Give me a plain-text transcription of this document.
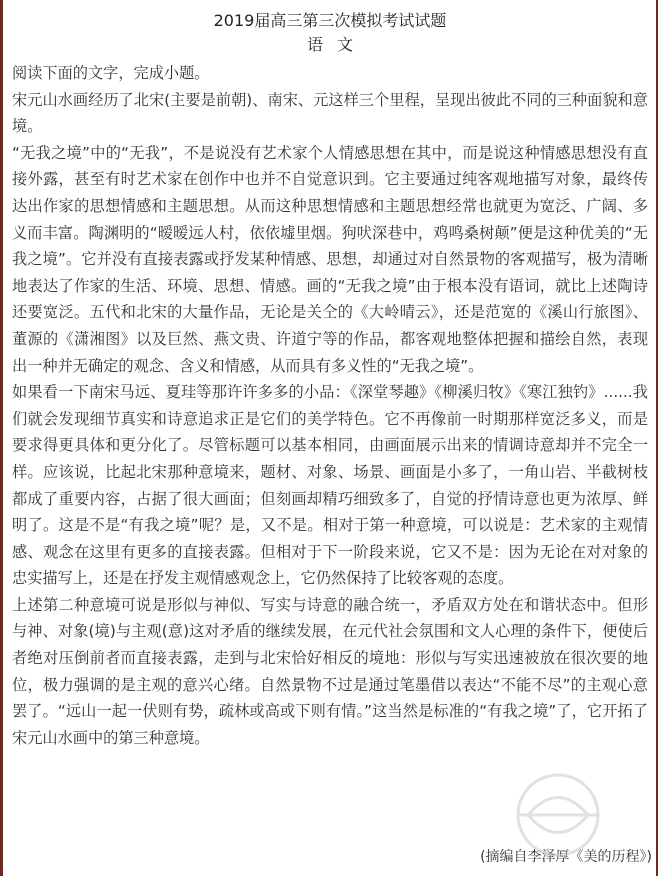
2019届高三第三次模拟考试试题
语文

阅读下面的文字，完成小题。

宋元山水画经历了北宋(主要是前朝)、南宋、元这样三个里程，呈现出彼此不同的三种面貌和意境。

“无我之境”中的“无我”，不是说没有艺术家个人情感思想在其中，而是说这种情感思想没有直接外露，甚至有时艺术家在创作中也并不自觉意识到。它主要通过纯客观地描写对象，最终传达出作家的思想情感和主题思想。从而这种思想情感和主题思想经常也就更为宽泛、广阔、多义而丰富。陶渊明的“暧暧远人村，依依墟里烟。狗吠深巷中，鸡鸣桑树颠”便是这种优美的“无我之境”。它并没有直接表露或抒发某种情感、思想，却通过对自然景物的客观描写，极为清晰地表达了作家的生活、环境、思想、情感。画的“无我之境”由于根本没有语词，就比上述陶诗还要宽泛。五代和北宋的大量作品，无论是关仝的《大岭晴云》，还是范宽的《溪山行旅图》、董源的《潇湘图》以及巨然、燕文贵、许道宁等的作品，都客观地整体把握和描绘自然，表现出一种并无确定的观念、含义和情感，从而具有多义性的“无我之境”。

如果看一下南宋马远、夏珪等那许许多多的小品：《深堂琴趣》《柳溪归牧》《寒江独钓》......我们就会发现细节真实和诗意追求正是它们的美学特色。它不再像前一时期那样宽泛多义，而是要求得更具体和更分化了。尽管标题可以基本相同，由画面展示出来的情调诗意却并不完全一样。应该说，比起北宋那种意境来，题材、对象、场景、画面是小多了，一角山岩、半截树枝都成了重要内容，占据了很大画面；但刻画却精巧细致多了，自觉的抒情诗意也更为浓厚、鲜明了。这是不是“有我之境”呢？是，又不是。相对于第一种意境，可以说是：艺术家的主观情感、观念在这里有更多的直接表露。但相对于下一阶段来说，它又不是：因为无论在对对象的忠实描写上，还是在抒发主观情感观念上，它仍然保持了比较客观的态度。

上述第二种意境可说是形似与神似、写实与诗意的融合统一，矛盾双方处在和谐状态中。但形与神、对象(境)与主观(意)这对矛盾的继续发展，在元代社会氛围和文人心理的条件下，便使后者绝对压倒前者而直接表露，走到与北宋恰好相反的境地：形似与写实迅速被放在很次要的地位，极力强调的是主观的意兴心绪。自然景物不过是通过笔墨借以表达“不能不尽”的主观心意罢了。“远山一起一伏则有势，疏林或高或下则有情。”这当然是标准的“有我之境”了，它开拓了宋元山水画中的第三种意境。

(摘编自李泽厚《美的历程》)
